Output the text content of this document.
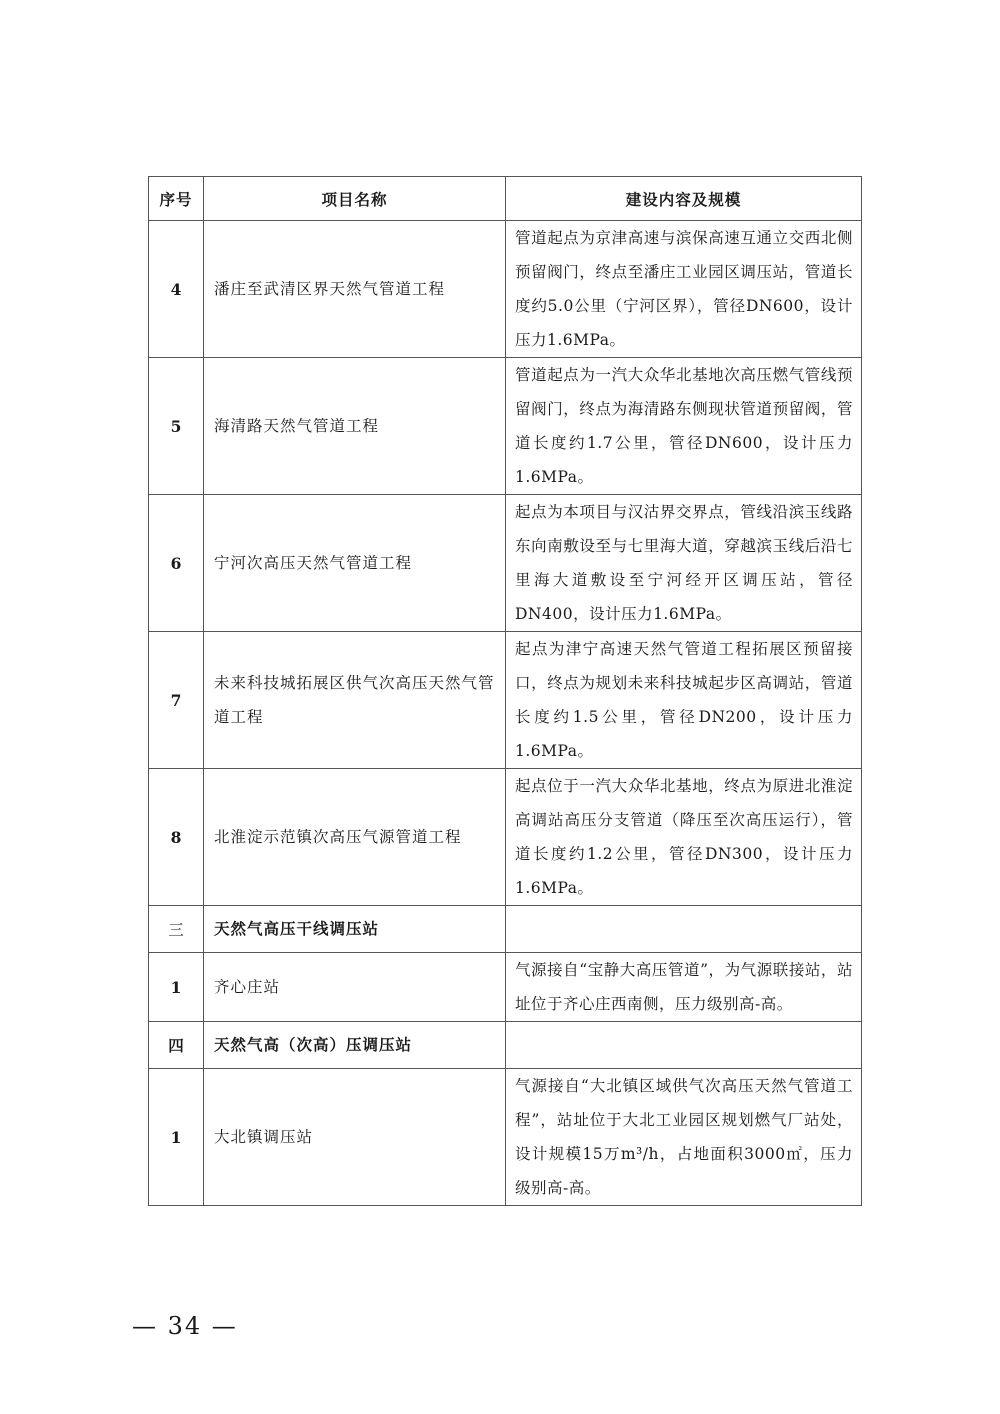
序号	项目名称	建设内容及规模
4	潘庄至武清区界天然气管道工程	管道起点为京津高速与滨保高速互通立交西北侧预留阀门，终点至潘庄工业园区调压站，管道长度约5.0公里（宁河区界），管径DN600，设计压力1.6MPa。
5	海清路天然气管道工程	管道起点为一汽大众华北基地次高压燃气管线预留阀门，终点为海清路东侧现状管道预留阀，管道长度约1.7公里，管径DN600，设计压力1.6MPa。
6	宁河次高压天然气管道工程	起点为本项目与汉沽界交界点，管线沿滨玉线路东向南敷设至与七里海大道，穿越滨玉线后沿七里海大道敷设至宁河经开区调压站，管径DN400，设计压力1.6MPa。
7	未来科技城拓展区供气次高压天然气管道工程	起点为津宁高速天然气管道工程拓展区预留接口，终点为规划未来科技城起步区高调站，管道长度约1.5公里，管径DN200，设计压力1.6MPa。
8	北淮淀示范镇次高压气源管道工程	起点位于一汽大众华北基地，终点为原进北淮淀高调站高压分支管道（降压至次高压运行），管道长度约1.2公里，管径DN300，设计压力1.6MPa。
三	天然气高压干线调压站	
1	齐心庄站	气源接自“宝静大高压管道”，为气源联接站，站址位于齐心庄西南侧，压力级别高-高。
四	天然气高（次高）压调压站	
1	大北镇调压站	气源接自“大北镇区域供气次高压天然气管道工程”，站址位于大北工业园区规划燃气厂站处，设计规模15万m³/h，占地面积3000㎡，压力级别高-高。
— 34 —
